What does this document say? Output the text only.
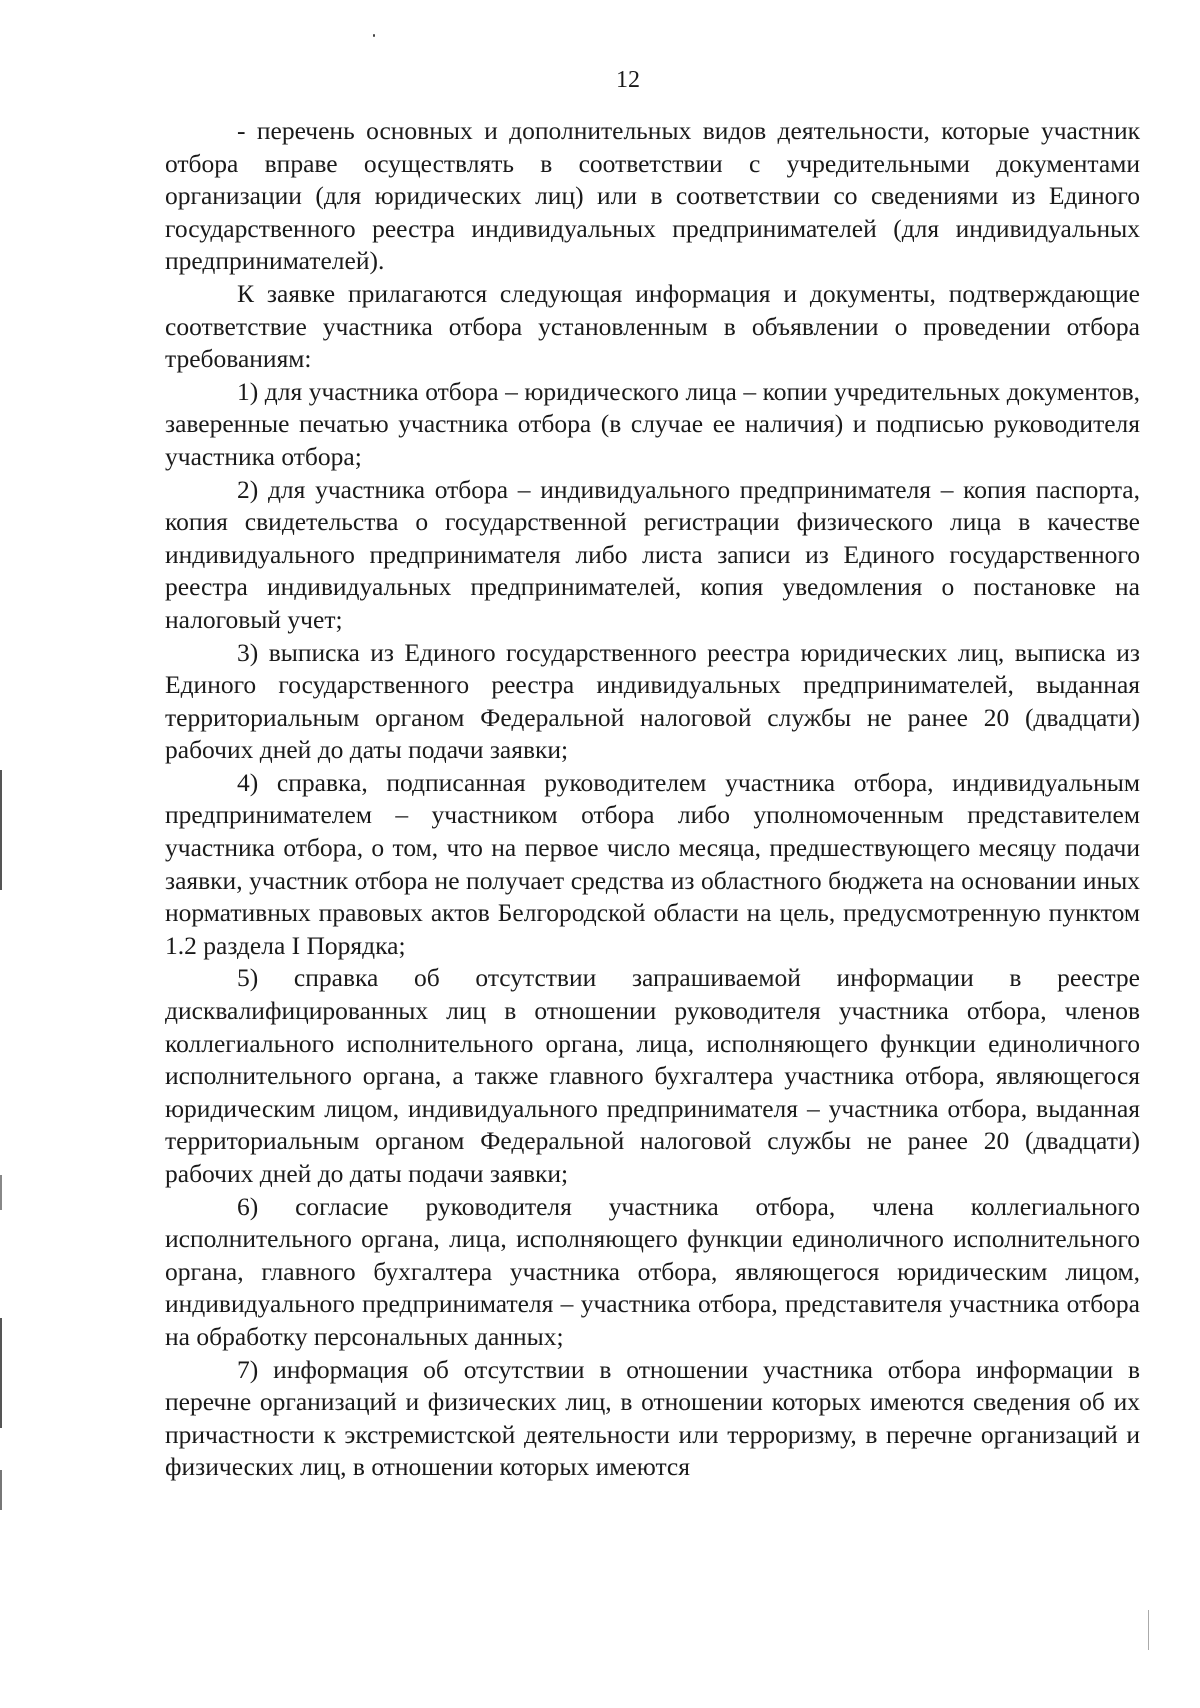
12

- перечень основных и дополнительных видов деятельности, которые участник отбора вправе осуществлять в соответствии с учредительными документами организации (для юридических лиц) или в соответствии со сведениями из Единого государственного реестра индивидуальных предпринимателей (для индивидуальных предпринимателей).

К заявке прилагаются следующая информация и документы, подтверждающие соответствие участника отбора установленным в объявлении о проведении отбора требованиям:

1) для участника отбора – юридического лица – копии учредительных документов, заверенные печатью участника отбора (в случае ее наличия) и подписью руководителя участника отбора;

2) для участника отбора – индивидуального предпринимателя – копия паспорта, копия свидетельства о государственной регистрации физического лица в качестве индивидуального предпринимателя либо листа записи из Единого государственного реестра индивидуальных предпринимателей, копия уведомления о постановке на налоговый учет;

3) выписка из Единого государственного реестра юридических лиц, выписка из Единого государственного реестра индивидуальных предпринимателей, выданная территориальным органом Федеральной налоговой службы не ранее 20 (двадцати) рабочих дней до даты подачи заявки;

4) справка, подписанная руководителем участника отбора, индивидуальным предпринимателем – участником отбора либо уполномоченным представителем участника отбора, о том, что на первое число месяца, предшествующего месяцу подачи заявки, участник отбора не получает средства из областного бюджета на основании иных нормативных правовых актов Белгородской области на цель, предусмотренную пунктом 1.2 раздела I Порядка;

5) справка об отсутствии запрашиваемой информации в реестре дисквалифицированных лиц в отношении руководителя участника отбора, членов коллегиального исполнительного органа, лица, исполняющего функции единоличного исполнительного органа, а также главного бухгалтера участника отбора, являющегося юридическим лицом, индивидуального предпринимателя – участника отбора, выданная территориальным органом Федеральной налоговой службы не ранее 20 (двадцати) рабочих дней до даты подачи заявки;

6) согласие руководителя участника отбора, члена коллегиального исполнительного органа, лица, исполняющего функции единоличного исполнительного органа, главного бухгалтера участника отбора, являющегося юридическим лицом, индивидуального предпринимателя – участника отбора, представителя участника отбора на обработку персональных данных;

7) информация об отсутствии в отношении участника отбора информации в перечне организаций и физических лиц, в отношении которых имеются сведения об их причастности к экстремистской деятельности или терроризму, в перечне организаций и физических лиц, в отношении которых имеются
